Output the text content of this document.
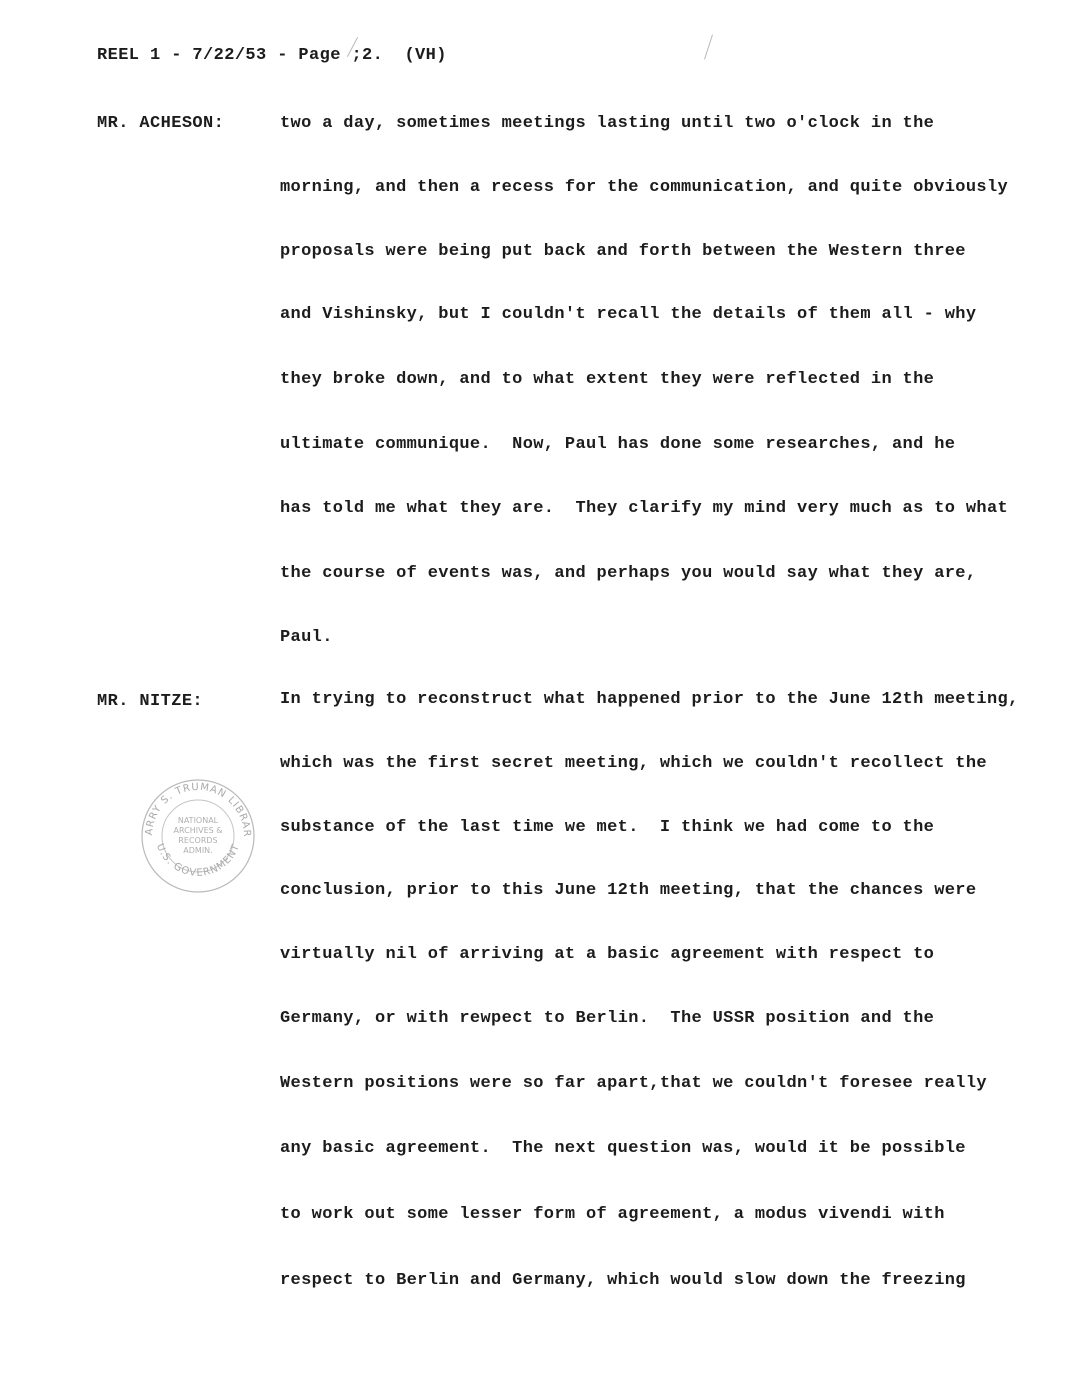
REEL 1 - 7/22/53 - Page ;2.  (VH)
MR. ACHESON:	two a day, sometimes meetings lasting until two o'clock in the
morning, and then a recess for the communication, and quite obviously
proposals were being put back and forth between the Western three
and Vishinsky, but I couldn't recall the details of them all - why
they broke down, and to what extent they were reflected in the
ultimate communique.  Now, Paul has done some researches, and he
has told me what they are.  They clarify my mind very much as to what
the course of events was, and perhaps you would say what they are,
Paul.
MR. NITZE:	In trying to reconstruct what happened prior to the June 12th meeting,
which was the first secret meeting, which we couldn't recollect the
substance of the last time we met.  I think we had come to the
conclusion, prior to this June 12th meeting, that the chances were
virtually nil of arriving at a basic agreement with respect to
Germany, or with rewpect to Berlin.  The USSR position and the
Western positions were so far apart,that we couldn't foresee really
any basic agreement.  The next question was, would it be possible
to work out some lesser form of agreement, a modus vivendi with
respect to Berlin and Germany, which would slow down the freezing
ARRY S. TRUMAN LIBRAR
U.S. GOVERNMENT
NATIONAL
ARCHIVES &
RECORDS
ADMIN.
